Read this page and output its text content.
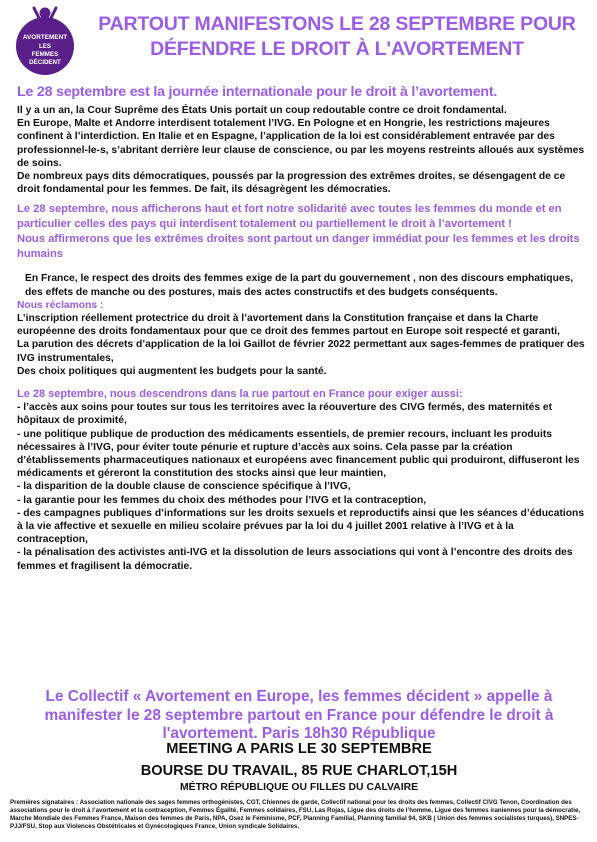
AVORTEMENT
LES
FEMMES
DÉCIDENT
PARTOUT MANIFESTONS LE 28 SEPTEMBRE POUR
DÉFENDRE LE DROIT À L'AVORTEMENT
Le 28 septembre est la journée internationale pour le droit à l’avortement.

Il y a un an, la Cour Suprême des États Unis portait un coup redoutable contre ce droit fondamental.

En Europe, Malte et Andorre interdisent totalement l’IVG. En Pologne et en Hongrie, les restrictions majeures confinent à l’interdiction. En Italie et en Espagne, l’application de la loi est considérablement entravée par des professionnel-le-s, s’abritant derrière leur clause de conscience, ou par les moyens restreints alloués aux systèmes de soins.

De nombreux pays dits démocratiques, poussés par la progression des extrêmes droites, se désengagent de ce droit fondamental pour les femmes. De fait, ils désagrègent les démocraties.

Le 28 septembre, nous afficherons haut et fort notre solidarité avec toutes les femmes du monde et en particulier celles des pays qui interdisent totalement ou partiellement le droit à l’avortement !

Nous affirmerons que les extrêmes droites sont partout un danger immédiat pour les femmes et les droits humains

En France, le respect des droits des femmes exige de la part du gouvernement , non des discours emphatiques, des effets de manche ou des postures, mais des actes constructifs et des budgets conséquents.

Nous réclamons :

L’inscription réellement protectrice du droit à l’avortement dans la Constitution française et dans la Charte européenne des droits fondamentaux pour que ce droit des femmes partout en Europe soit respecté et garanti,

La parution des décrets d’application de la loi Gaillot de février 2022 permettant aux sages-femmes de pratiquer des IVG instrumentales,

Des choix politiques qui augmentent les budgets pour la santé.

Le 28 septembre, nous descendrons dans la rue partout en France pour exiger aussi:

- l’accès aux soins pour toutes sur tous les territoires avec la réouverture des CIVG fermés, des maternités et hôpitaux de proximité,

- une politique publique de production des médicaments essentiels, de premier recours, incluant les produits nécessaires à l’IVG, pour éviter toute pénurie et rupture d’accès aux soins. Cela passe par la création d’établissements pharmaceutiques nationaux et européens avec financement public qui produiront, diffuseront les médicaments et géreront la constitution des stocks ainsi que leur maintien,

- la disparition de la double clause de conscience spécifique à l’IVG,

- la garantie pour les femmes du choix des méthodes pour l’IVG et la contraception,

- des campagnes publiques d’informations sur les droits sexuels et reproductifs ainsi que les séances d’éducations à la vie affective et sexuelle en milieu scolaire prévues par la loi du 4 juillet 2001 relative à l’IVG et à la contraception,

- la pénalisation des activistes anti-IVG et la dissolution de leurs associations qui vont à l’encontre des droits des femmes et fragilisent la démocratie.

Le Collectif « Avortement en Europe, les femmes décident » appelle à manifester le 28 septembre partout en France pour défendre le droit à l'avortement. Paris 18h30 République
MEETING A PARIS LE 30 SEPTEMBRE
BOURSE DU TRAVAIL, 85 RUE CHARLOT,15H
MÉTRO RÉPUBLIQUE OU FILLES DU CALVAIRE
Premières signataires : Association nationale des sages femmes orthogénistes, CGT, Chiennes de garde, Collectif national pour les droits des femmes, Collectif CIVG Tenon, Coordination des associations pour le droit à l’avortement et la contraception, Femmes Égalité, Femmes solidaires, FSU, Las Rojas, Ligue des droits de l’homme, Ligue des femmes iraniennes pour la démocratie, Marche Mondiale des Femmes France, Maison des femmes de Paris, NPA, Osez le Féminisme, PCF, Planning Familial, Planning familial 94, SKB ( Union des femmes socialistes turques), SNPES-PJJ/FSU, Stop aux Violences Obstétricales et Gynécologiques France, Union syndicale Solidaires.
